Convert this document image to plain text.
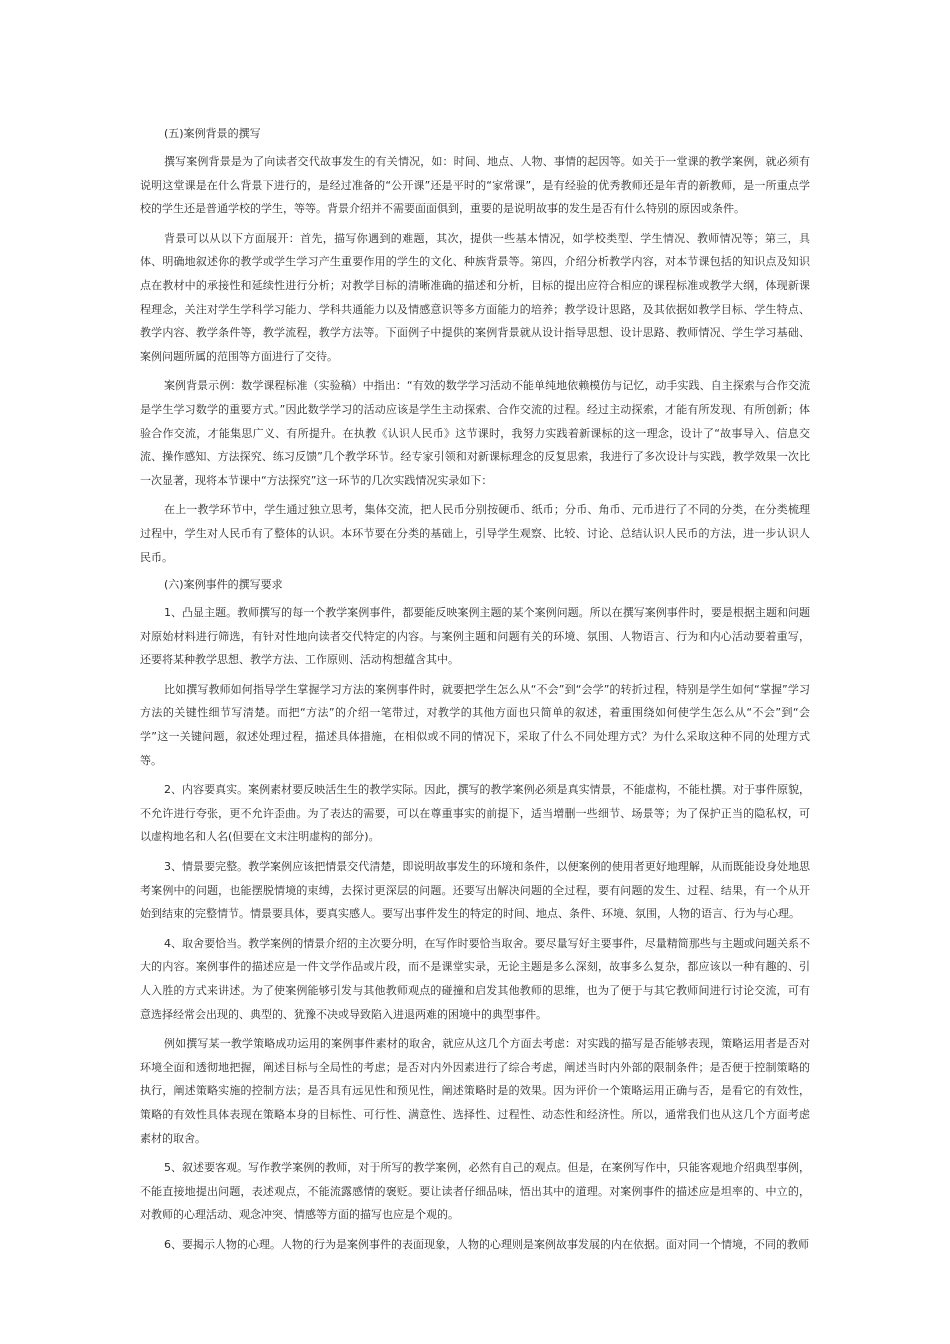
(五)案例背景的撰写

撰写案例背景是为了向读者交代故事发生的有关情况，如：时间、地点、人物、事情的起因等。如关于一堂课的教学案例，就必须有说明这堂课是在什么背景下进行的，是经过准备的“公开课”还是平时的“家常课”，是有经验的优秀教师还是年青的新教师，是一所重点学校的学生还是普通学校的学生，等等。背景介绍并不需要面面俱到，重要的是说明故事的发生是否有什么特别的原因或条件。

背景可以从以下方面展开：首先，描写你遇到的难题，其次，提供一些基本情况，如学校类型、学生情况、教师情况等；第三，具体、明确地叙述你的教学或学生学习产生重要作用的学生的文化、种族背景等。第四，介绍分析教学内容，对本节课包括的知识点及知识点在教材中的承接性和延续性进行分析；对教学目标的清晰准确的描述和分析，目标的提出应符合相应的课程标准或教学大纲，体现新课程理念，关注对学生学科学习能力、学科共通能力以及情感意识等多方面能力的培养；教学设计思路，及其依据如教学目标、学生特点、教学内容、教学条件等，教学流程，教学方法等。下面例子中提供的案例背景就从设计指导思想、设计思路、教师情况、学生学习基础、案例问题所属的范围等方面进行了交待。

案例背景示例：数学课程标准（实验稿）中指出：“有效的数学学习活动不能单纯地依赖模仿与记忆，动手实践、自主探索与合作交流是学生学习数学的重要方式。”因此数学学习的活动应该是学生主动探索、合作交流的过程。经过主动探索，才能有所发现、有所创新；体验合作交流，才能集思广义、有所提升。在执教《认识人民币》这节课时，我努力实践着新课标的这一理念，设计了“故事导入、信息交流、操作感知、方法探究、练习反馈”几个教学环节。经专家引领和对新课标理念的反复思索，我进行了多次设计与实践，教学效果一次比一次显著，现将本节课中“方法探究”这一环节的几次实践情况实录如下：

在上一教学环节中，学生通过独立思考，集体交流，把人民币分别按硬币、纸币；分币、角币、元币进行了不同的分类，在分类梳理过程中，学生对人民币有了整体的认识。本环节要在分类的基础上，引导学生观察、比较、讨论、总结认识人民币的方法，进一步认识人民币。

(六)案例事件的撰写要求

1、凸显主题。教师撰写的每一个教学案例事件，都要能反映案例主题的某个案例问题。所以在撰写案例事件时，要是根据主题和问题对原始材料进行筛选，有针对性地向读者交代特定的内容。与案例主题和问题有关的环境、氛围、人物语言、行为和内心活动要着重写，还要将某种教学思想、教学方法、工作原则、活动构想蕴含其中。

比如撰写教师如何指导学生掌握学习方法的案例事件时，就要把学生怎么从“不会”到“会学”的转折过程，特别是学生如何“掌握”学习方法的关键性细节写清楚。而把“方法”的介绍一笔带过，对教学的其他方面也只简单的叙述，着重围绕如何使学生怎么从“不会”到“会学”这一关键问题，叙述处理过程，描述具体措施，在相似或不同的情况下，采取了什么不同处理方式？为什么采取这种不同的处理方式等。

2、内容要真实。案例素材要反映活生生的教学实际。因此，撰写的教学案例必须是真实情景，不能虚构，不能杜撰。对于事件原貌，不允许进行夸张，更不允许歪曲。为了表达的需要，可以在尊重事实的前提下，适当增删一些细节、场景等；为了保护正当的隐私权，可以虚构地名和人名(但要在文末注明虚构的部分)。

3、情景要完整。教学案例应该把情景交代清楚，即说明故事发生的环境和条件，以便案例的使用者更好地理解，从而既能设身处地思考案例中的问题，也能摆脱情境的束缚，去探讨更深层的问题。还要写出解决问题的全过程，要有问题的发生、过程、结果，有一个从开始到结束的完整情节。情景要具体，要真实感人。要写出事件发生的特定的时间、地点、条件、环境、氛围，人物的语言、行为与心理。

4、取舍要恰当。教学案例的情景介绍的主次要分明，在写作时要恰当取舍。要尽量写好主要事件，尽量精简那些与主题或问题关系不大的内容。案例事件的描述应是一件文学作品或片段，而不是课堂实录，无论主题是多么深刻，故事多么复杂，都应该以一种有趣的、引人入胜的方式来讲述。为了使案例能够引发与其他教师观点的碰撞和启发其他教师的思维，也为了便于与其它教师间进行讨论交流，可有意选择经常会出现的、典型的、犹豫不决或导致陷入进退两难的困境中的典型事件。

例如撰写某一教学策略成功运用的案例事件素材的取舍，就应从这几个方面去考虑：对实践的描写是否能够表现，策略运用者是否对环境全面和透彻地把握，阐述目标与全局性的考虑；是否对内外因素进行了综合考虑，阐述当时内外部的限制条件；是否便于控制策略的执行，阐述策略实施的控制方法；是否具有远见性和预见性，阐述策略时是的效果。因为评价一个策略运用正确与否，是看它的有效性，策略的有效性具体表现在策略本身的目标性、可行性、满意性、选择性、过程性、动态性和经济性。所以，通常我们也从这几个方面考虑素材的取舍。

5、叙述要客观。写作教学案例的教师，对于所写的教学案例，必然有自己的观点。但是，在案例写作中，只能客观地介绍典型事例，不能直接地提出问题，表述观点，不能流露感情的褒贬。要让读者仔细品味，悟出其中的道理。对案例事件的描述应是坦率的、中立的，对教师的心理活动、观念冲突、情感等方面的描写也应是个观的。

6、要揭示人物的心理。人物的行为是案例事件的表面现象，人物的心理则是案例故事发展的内在依据。面对同一个情境，不同的教师
